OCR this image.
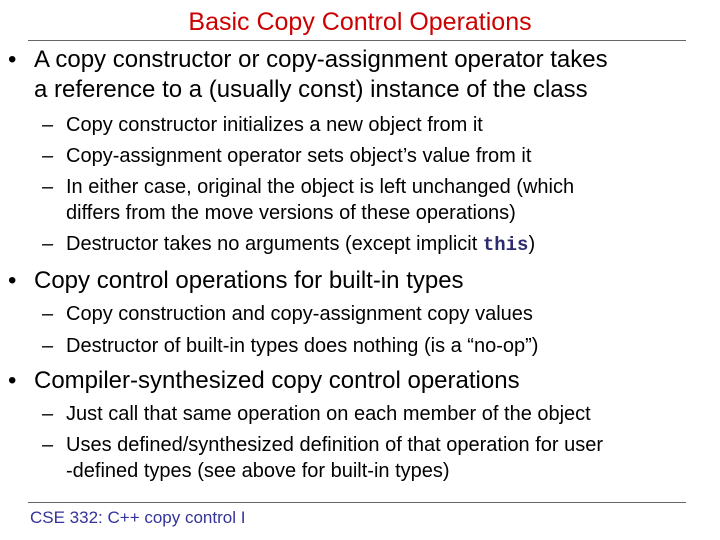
Basic Copy Control Operations
• A copy constructor or copy-assignment operator takes
a reference to a (usually const) instance of the class
– Copy constructor initializes a new object from it
– Copy-assignment operator sets object’s value from it
– In either case, original the object is left unchanged (which
differs from the move versions of these operations)
– Destructor takes no arguments (except implicit this)
• Copy control operations for built-in types
– Copy construction and copy-assignment copy values
– Destructor of built-in types does nothing (is a “no-op”)
• Compiler-synthesized copy control operations
– Just call that same operation on each member of the object
– Uses defined/synthesized definition of that operation for user
-defined types (see above for built-in types)
CSE 332: C++ copy control I
